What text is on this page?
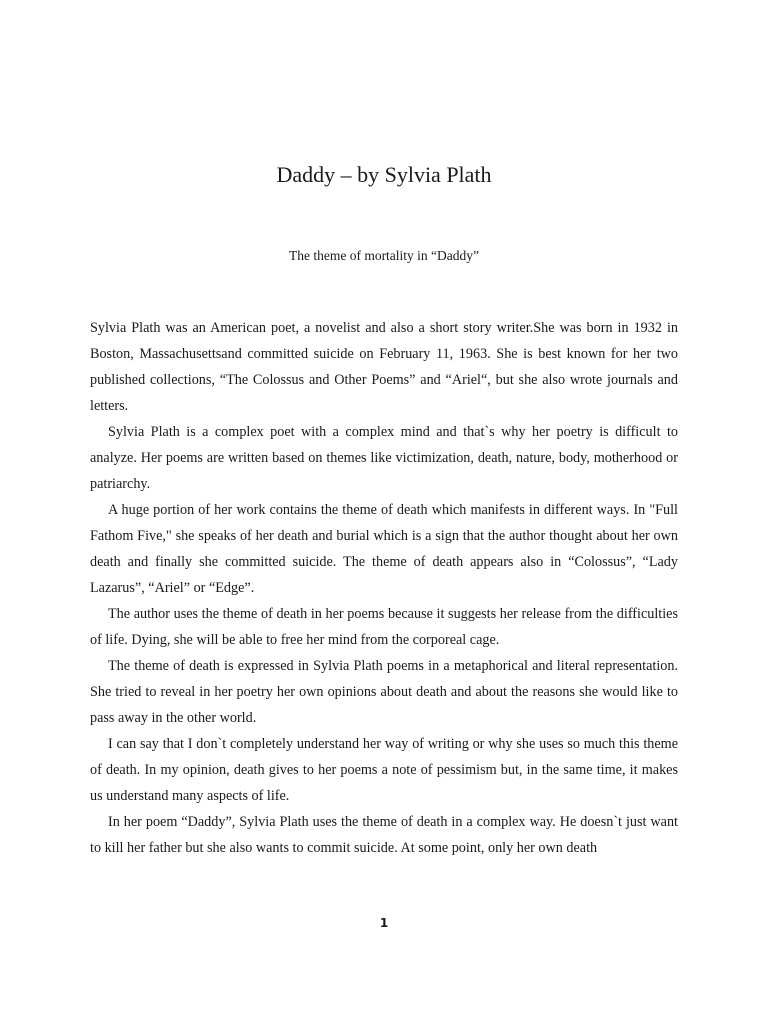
Daddy – by Sylvia Plath

The theme of mortality in “Daddy”

Sylvia Plath was an American poet, a novelist and also a short story writer.She was born in 1932 in Boston, Massachusettsand committed suicide on February 11, 1963. She is best known for her two published collections, “The Colossus and Other Poems” and “Ariel“, but she also wrote journals and letters.

Sylvia Plath is a complex poet with a complex mind and that`s why her poetry is difficult to analyze. Her poems are written based on themes like victimization, death, nature, body, motherhood or patriarchy.

A huge portion of her work contains the theme of death which manifests in different ways. In "Full Fathom Five," she speaks of her death and burial which is a sign that the author thought about her own death and finally she committed suicide. The theme of death appears also in “Colossus”, “Lady Lazarus”, “Ariel” or “Edge”.

The author uses the theme of death in her poems because it suggests her release from the difficulties of life. Dying, she will be able to free her mind from the corporeal cage.

The theme of death is expressed in Sylvia Plath poems in a metaphorical and literal representation. She tried to reveal in her poetry her own opinions about death and about the reasons she would like to pass away in the other world.

I can say that I don`t completely understand her way of writing or why she uses so much this theme of death. In my opinion, death gives to her poems a note of pessimism but, in the same time, it makes us understand many aspects of life.

In her poem “Daddy”, Sylvia Plath uses the theme of death in a complex way. He doesn`t just want to kill her father but she also wants to commit suicide. At some point, only her own death

1
